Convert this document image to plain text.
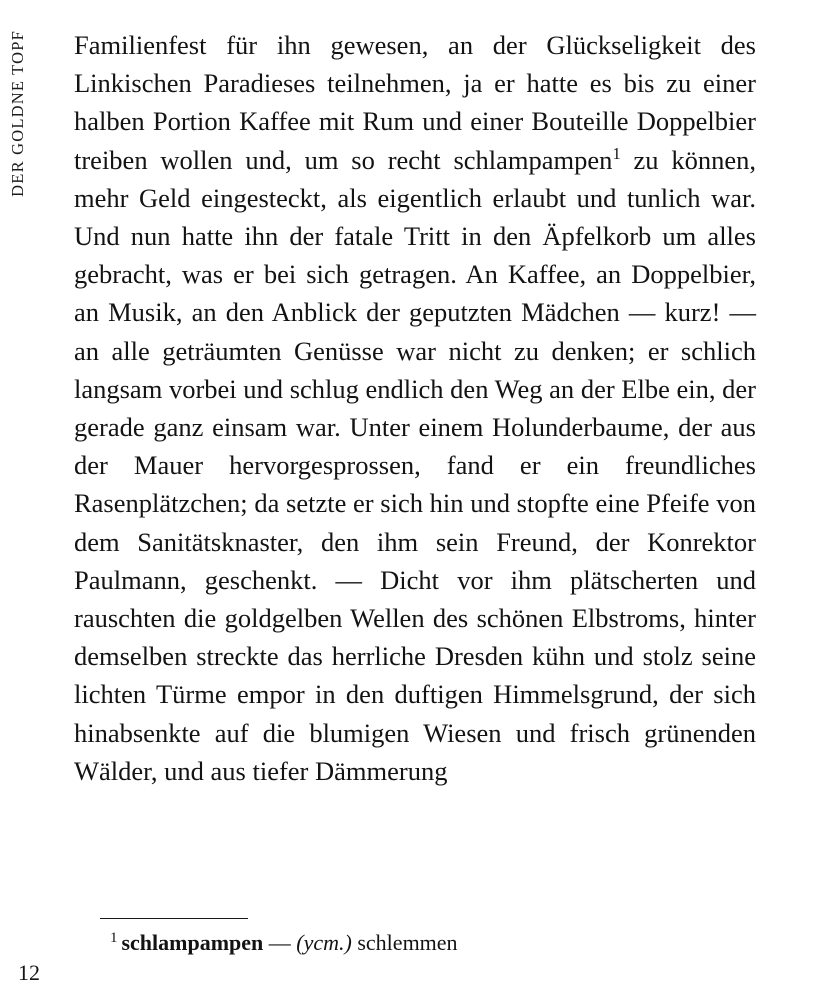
DER GOLDNE TOPF Familienfest für ihn gewesen, an der Glückseligkeit des Linkischen Paradieses teilnehmen, ja er hatte es bis zu einer halben Portion Kaffee mit Rum und einer Bouteille Doppelbier treiben wollen und, um so recht schlampampen$^1$ zu können, mehr Geld eingesteckt, als eigentlich erlaubt und tunlich war. Und nun hatte ihn der fatale Tritt in den Äpfelkorb um alles gebracht, was er bei sich getragen. An Kaffee, an Doppelbier, an Musik, an den Anblick der geputzten Mädchen — kurz! — an alle geträumten Genüsse war nicht zu denken; er schlich langsam vorbei und schlug endlich den Weg an der Elbe ein, der gerade ganz einsam war. Unter einem Holunderbaume, der aus der Mauer hervorgesprossen, fand er ein freundliches Rasenplätzchen; da setzte er sich hin und stopfte eine Pfeife von dem Sanitätsknaster, den ihm sein Freund, der Konrektor Paulmann, geschenkt. — Dicht vor ihm plätscherten und rauschten die goldgelben Wellen des schönen Elbstroms, hinter demselben streckte das herrliche Dresden kühn und stolz seine lichten Türme empor in den duftigen Himmelsgrund, der sich hinabsenkte auf die blumigen Wiesen und frisch grünenden Wälder, und aus tiefer Dämmerung

$^1$ schlampampen — (ycm.) schlemmen
12
